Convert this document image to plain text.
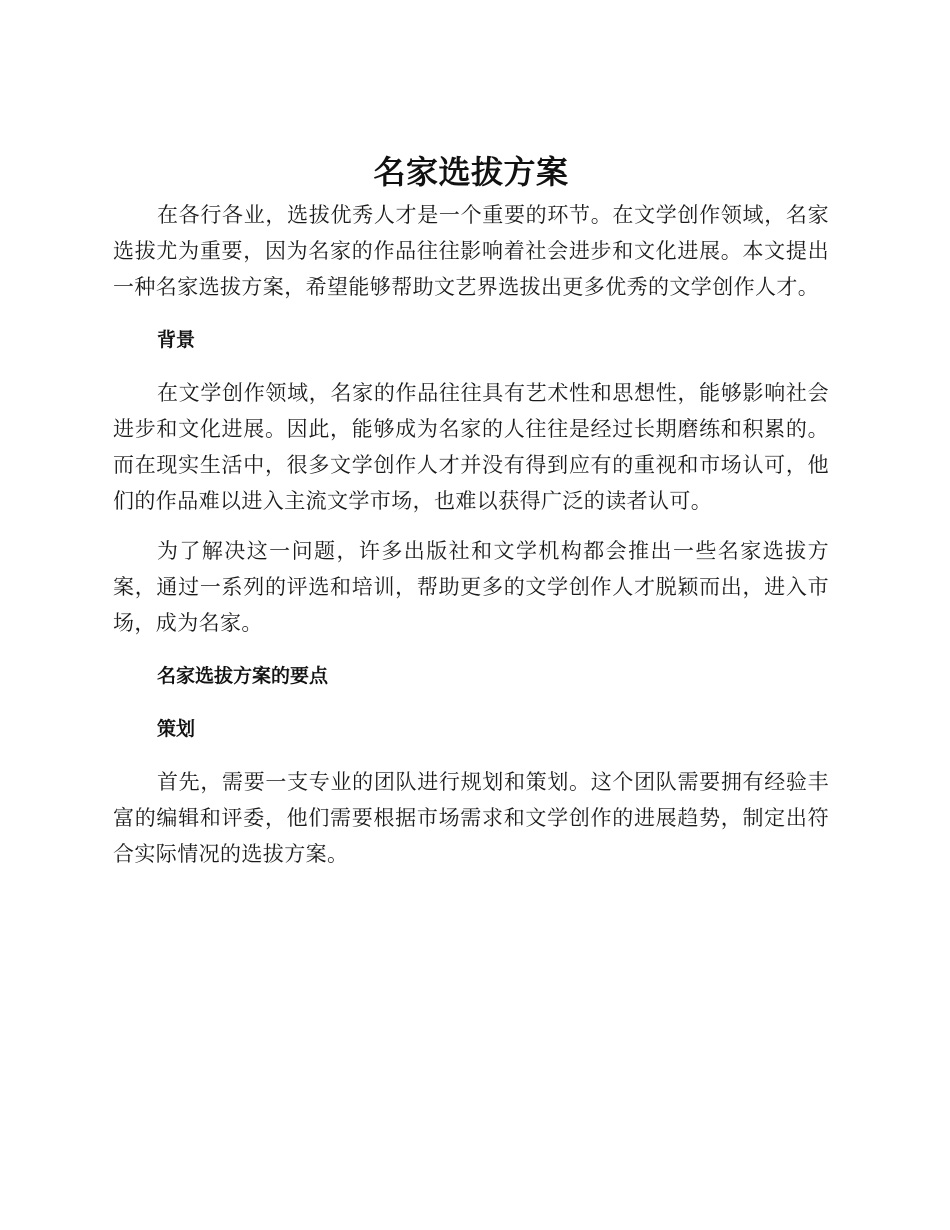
名家选拔方案

在各行各业，选拔优秀人才是一个重要的环节。在文学创作领域，名家选拔尤为重要，因为名家的作品往往影响着社会进步和文化进展。本文提出一种名家选拔方案，希望能够帮助文艺界选拔出更多优秀的文学创作人才。

背景

在文学创作领域，名家的作品往往具有艺术性和思想性，能够影响社会进步和文化进展。因此，能够成为名家的人往往是经过长期磨练和积累的。而在现实生活中，很多文学创作人才并没有得到应有的重视和市场认可，他们的作品难以进入主流文学市场，也难以获得广泛的读者认可。

为了解决这一问题，许多出版社和文学机构都会推出一些名家选拔方案，通过一系列的评选和培训，帮助更多的文学创作人才脱颖而出，进入市场，成为名家。

名家选拔方案的要点
策划

首先，需要一支专业的团队进行规划和策划。这个团队需要拥有经验丰富的编辑和评委，他们需要根据市场需求和文学创作的进展趋势，制定出符合实际情况的选拔方案。
